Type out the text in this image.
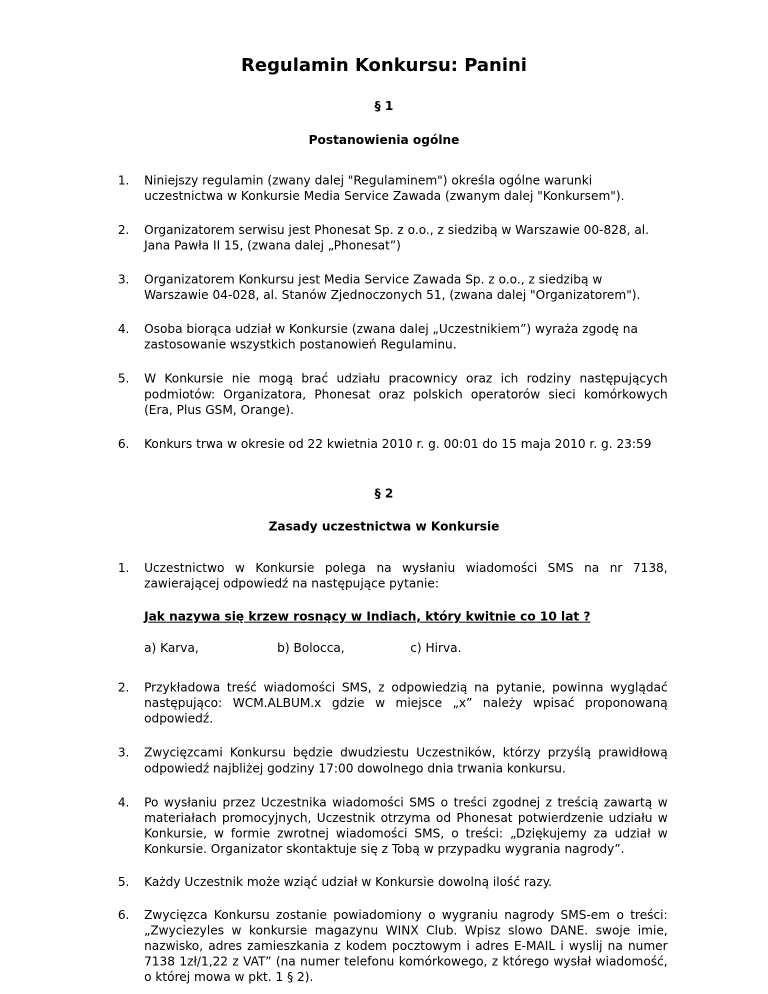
Regulamin Konkursu: Panini

§ 1

Postanowienia ogólne

1. Niniejszy regulamin (zwany dalej "Regulaminem") określa ogólne warunki uczestnictwa w Konkursie Media Service Zawada (zwanym dalej "Konkursem").
2. Organizatorem serwisu jest Phonesat Sp. z o.o., z siedzibą w Warszawie 00-828, al. Jana Pawła II 15, (zwana dalej „Phonesat”)
3. Organizatorem Konkursu jest Media Service Zawada Sp. z o.o., z siedzibą w Warszawie 04-028, al. Stanów Zjednoczonych 51, (zwana dalej "Organizatorem").
4. Osoba biorąca udział w Konkursie (zwana dalej „Uczestnikiem”) wyraża zgodę na zastosowanie wszystkich postanowień Regulaminu.
5. W Konkursie nie mogą brać udziału pracownicy oraz ich rodziny następujących podmiotów: Organizatora, Phonesat oraz polskich operatorów sieci komórkowych (Era, Plus GSM, Orange).
6. Konkurs trwa w okresie od 22 kwietnia 2010 r. g. 00:01 do 15 maja 2010 r. g. 23:59

§ 2

Zasady uczestnictwa w Konkursie

1. Uczestnictwo w Konkursie polega na wysłaniu wiadomości SMS na nr 7138, zawierającej odpowiedź na następujące pytanie:

Jak nazywa się krzew rosnący w Indiach, który kwitnie co 10 lat ?

a) Karva,	b) Bolocca,	c) Hirva.

2. Przykładowa treść wiadomości SMS, z odpowiedzią na pytanie, powinna wyglądać następująco: WCM.ALBUM.x gdzie w miejsce „x” należy wpisać proponowaną odpowiedź.
3. Zwycięzcami Konkursu będzie dwudziestu Uczestników, którzy przyślą prawidłową odpowiedź najbliżej godziny 17:00 dowolnego dnia trwania konkursu.
4. Po wysłaniu przez Uczestnika wiadomości SMS o treści zgodnej z treścią zawartą w materiałach promocyjnych, Uczestnik otrzyma od Phonesat potwierdzenie udziału w Konkursie, w formie zwrotnej wiadomości SMS, o treści: „Dziękujemy za udział w Konkursie. Organizator skontaktuje się z Tobą w przypadku wygrania nagrody”.
5. Każdy Uczestnik może wziąć udział w Konkursie dowolną ilość razy.
6. Zwycięzca Konkursu zostanie powiadomiony o wygraniu nagrody SMS-em o treści: „Zwyciezyles w konkursie magazynu WINX Club. Wpisz slowo DANE. swoje imie, nazwisko, adres zamieszkania z kodem pocztowym i adres E-MAIL i wyslij na numer 7138 1zł/1,22 z VAT” (na numer telefonu komórkowego, z którego wysłał wiadomość, o której mowa w pkt. 1 § 2).
